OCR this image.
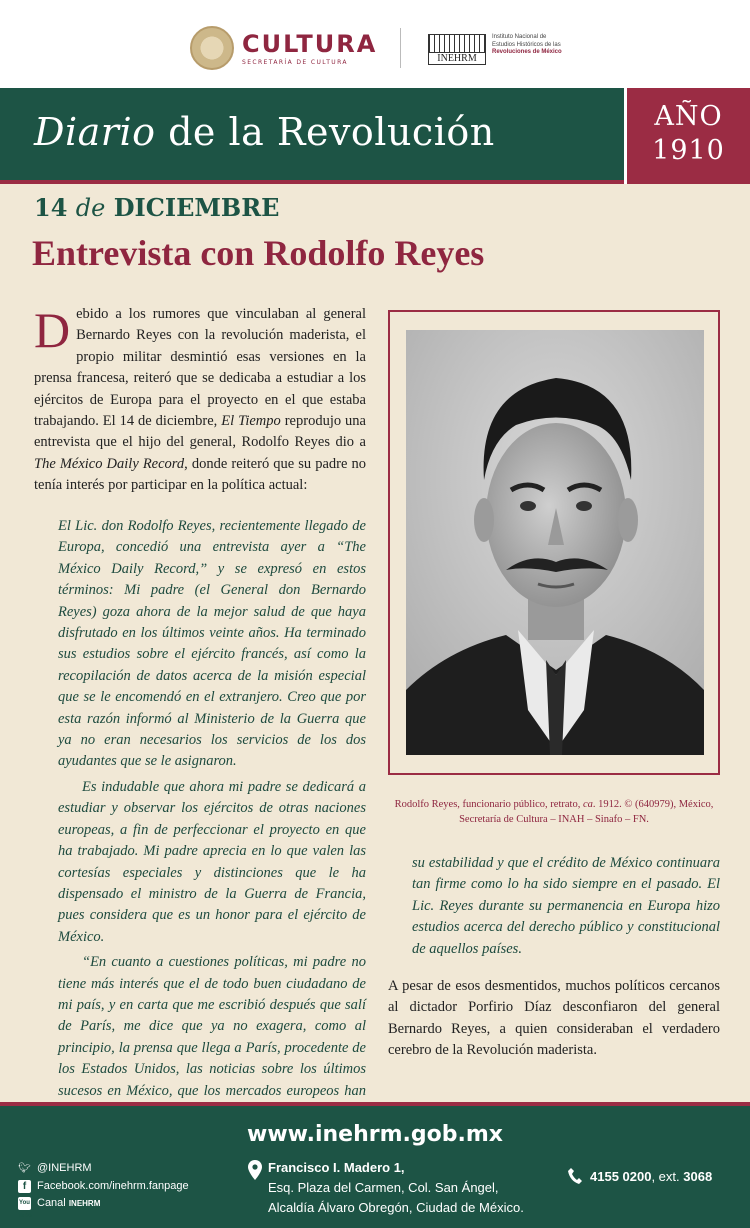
CULTURA
SECRETARÍA DE CULTURA	INEHRM
Instituto Nacional de
Estudios Históricos de las
Revoluciones de México
Diario de la Revolución	AÑO
1910
14 de DICIEMBRE
Entrevista con Rodolfo Reyes
Debido a los rumores que vinculaban al general Bernardo Reyes con la revolución maderista, el propio militar desmintió esas versiones en la prensa francesa, reiteró que se dedicaba a estudiar a los ejércitos de Europa para el proyecto en el que estaba trabajando. El 14 de diciembre, El Tiempo reprodujo una entrevista que el hijo del general, Rodolfo Reyes dio a The México Daily Record, donde reiteró que su padre no tenía interés por participar en la política actual:

El Lic. don Rodolfo Reyes, recientemente llegado de Europa, concedió una entrevista ayer a “The México Daily Record,” y se expresó en estos términos: Mi padre (el General don Bernardo Reyes) goza ahora de la mejor salud de que haya disfrutado en los últimos veinte años. Ha terminado sus estudios sobre el ejército francés, así como la recopilación de datos acerca de la misión especial que se le encomendó en el extranjero. Creo que por esta razón informó al Ministerio de la Guerra que ya no eran necesarios los servicios de los dos ayudantes que se le asignaron.

Es indudable que ahora mi padre se dedicará a estudiar y observar los ejércitos de otras naciones europeas, a fin de perfeccionar el proyecto en que ha trabajado. Mi padre aprecia en lo que valen las cortesías especiales y distinciones que le ha dispensado el ministro de la Guerra de Francia, pues considera que es un honor para el ejército de México.

“En cuanto a cuestiones políticas, mi padre no tiene más interés que el de todo buen ciudadano de mi país, y en carta que me escribió después que salí de París, me dice que ya no exagera, como al principio, la prensa que llega a París, procedente de los Estados Unidos, las noticias sobre los últimos sucesos en México, que los mercados europeos han

Rodolfo Reyes, funcionario público, retrato, ca. 1912. © (640979), México, Secretaría de Cultura – INAH – Sinafo – FN.
su estabilidad y que el crédito de México continuara tan firme como lo ha sido siempre en el pasado. El Lic. Reyes durante su permanencia en Europa hizo estudios acerca del derecho público y constitucional de aquellos países.
A pesar de esos desmentidos, muchos políticos cercanos al dictador Porfirio Díaz desconfiaron del general Bernardo Reyes, a quien consideraban el verdadero cerebro de la Revolución maderista.
www.inehrm.gob.mx
🐦︎ @INEHRM
f Facebook.com/inehrm.fanpage
You Tube
Canal
INEHRM
Francisco I. Madero 1,
Esq. Plaza del Carmen, Col. San Ángel,
Alcaldía Álvaro Obregón, Ciudad de México.
4155 0200 , ext.
3068
